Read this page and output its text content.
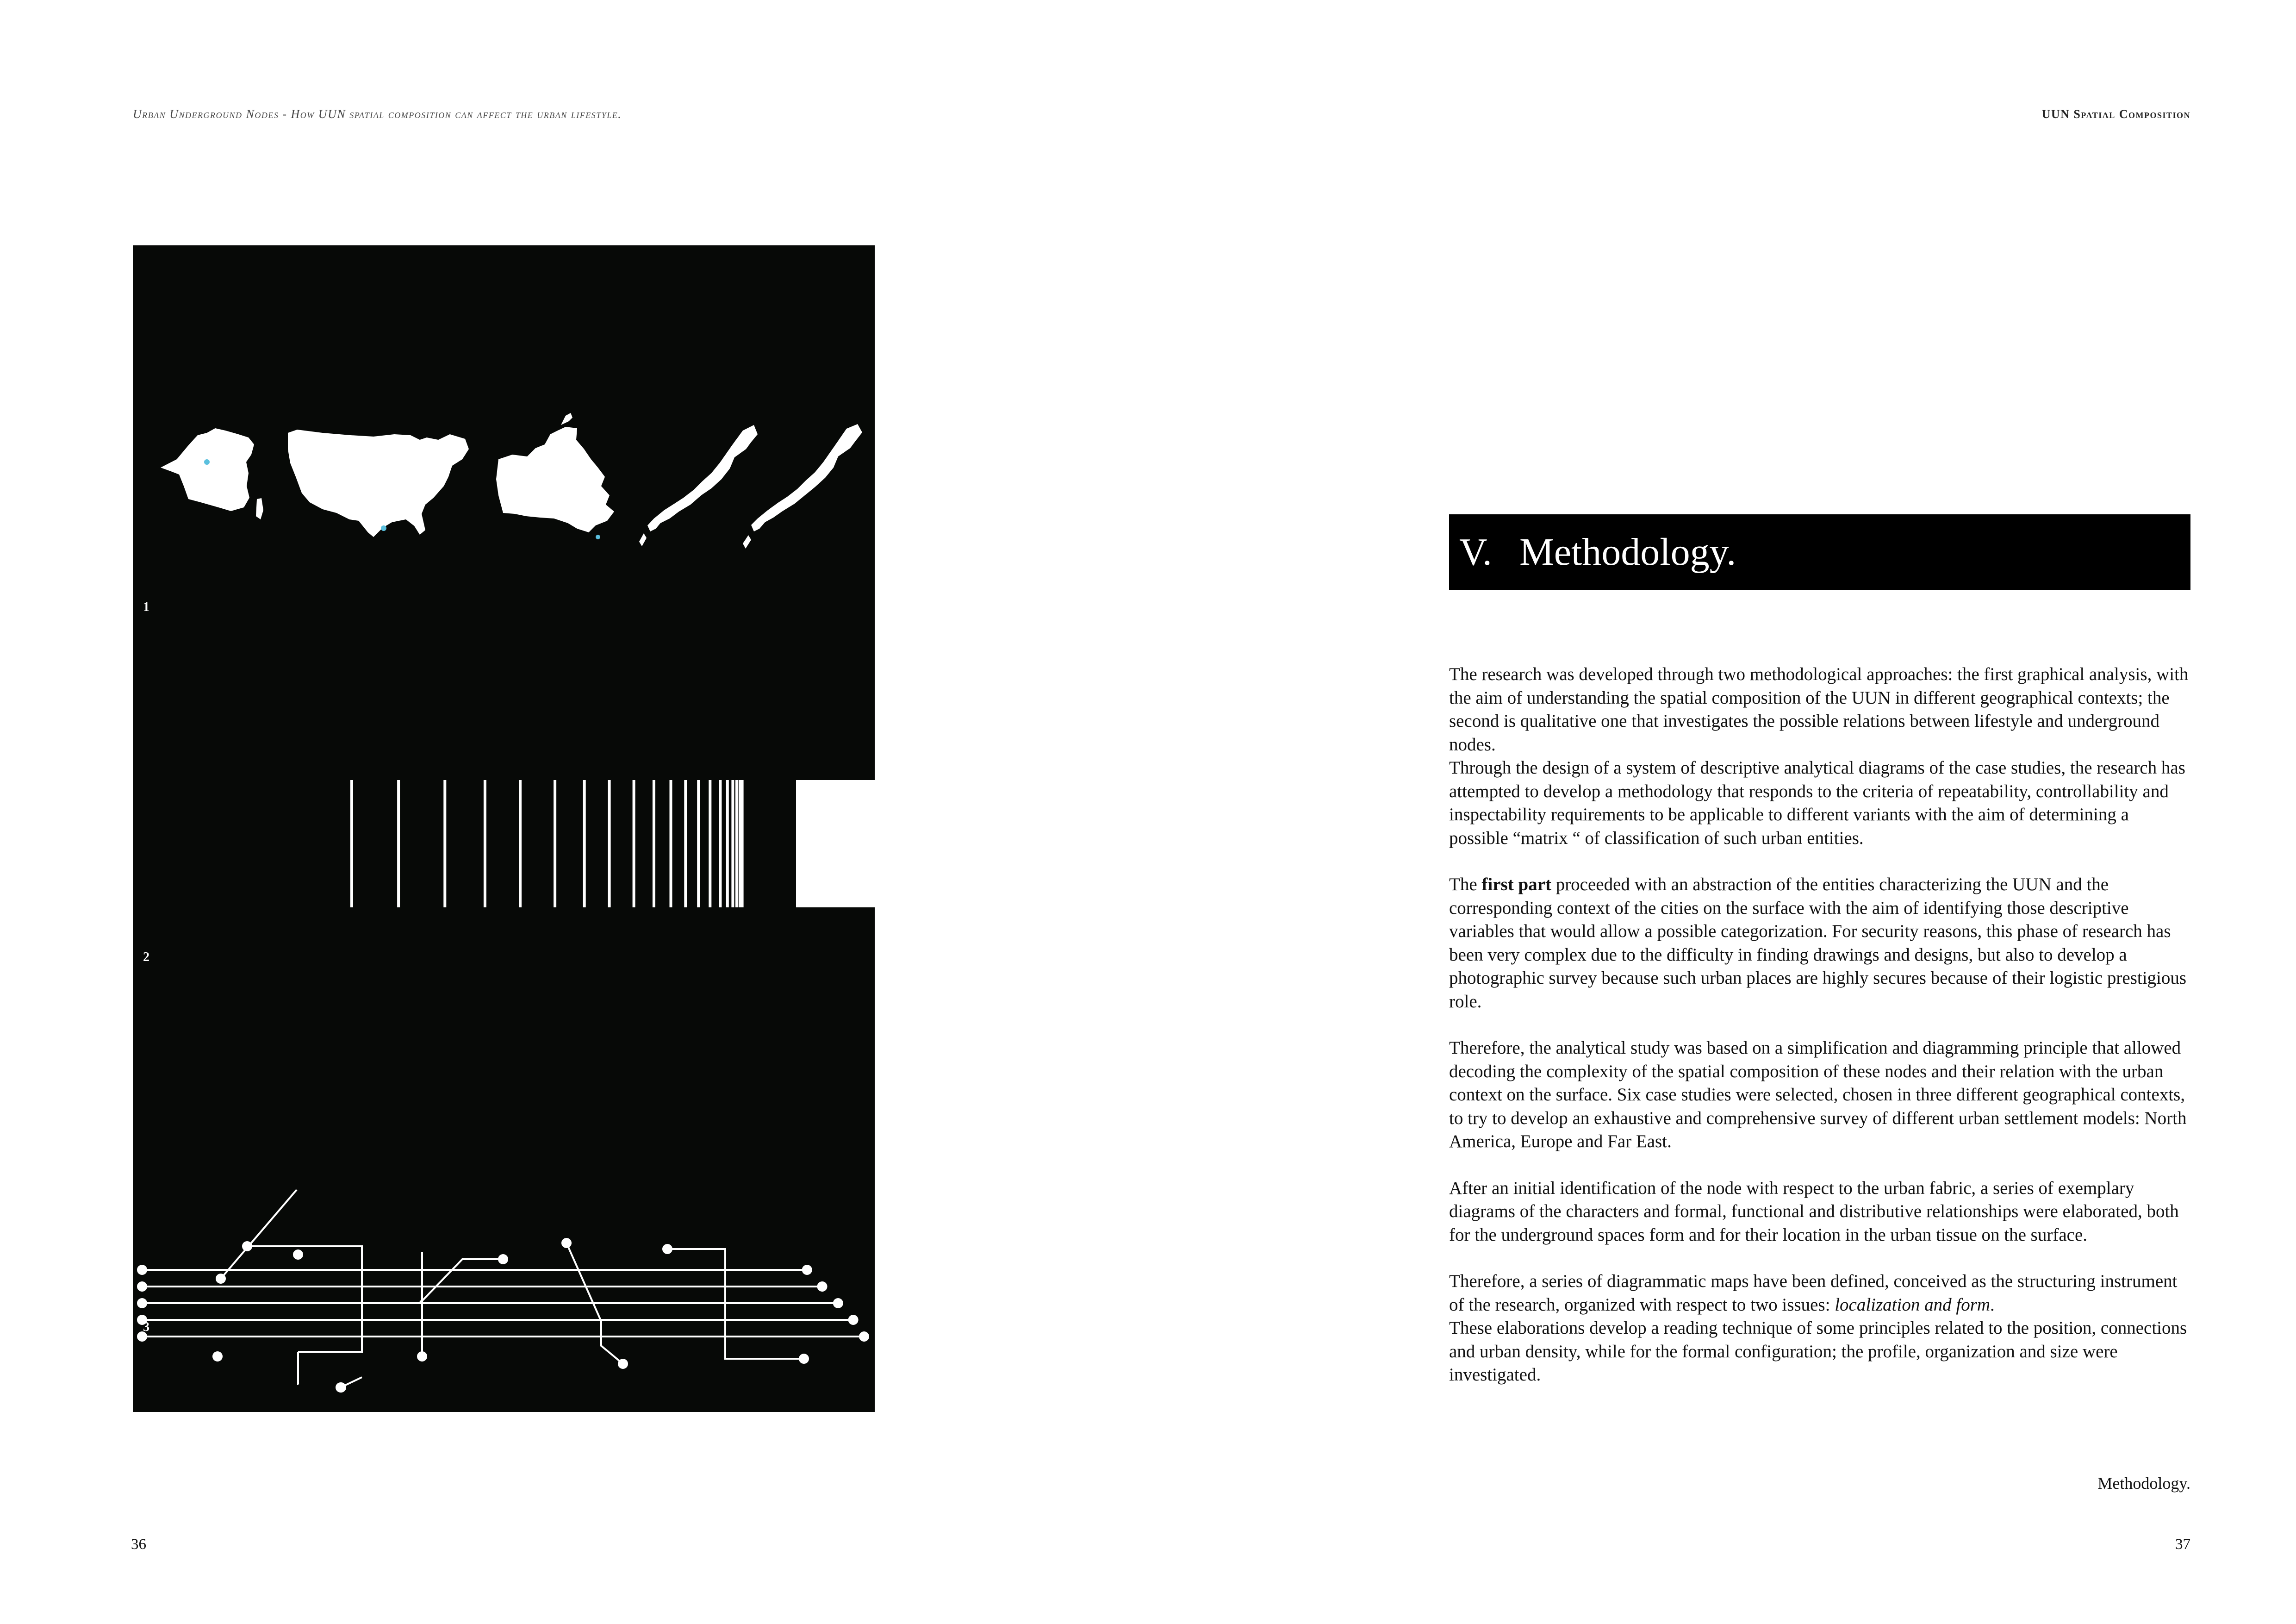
Urban Underground Nodes - How UUN spatial composition can affect the urban lifestyle.	UUN Spatial Composition
1
2
3
V. Methodology.

The research was developed through two methodological approaches: the first graphical analysis, with the aim of understanding the spatial composition of the UUN in different geographical contexts; the second is qualitative one that investigates the possible relations between lifestyle and underground nodes.

Through the design of a system of descriptive analytical diagrams of the case studies, the research has attempted to develop a methodology that responds to the criteria of repeatability, controllability and inspectability requirements to be applicable to different variants with the aim of determining a possible “matrix “ of classification of such urban entities.

The first part proceeded with an abstraction of the entities characterizing the UUN and the corresponding context of the cities on the surface with the aim of identifying those descriptive variables that would allow a possible categorization. For security reasons, this phase of research has been very complex due to the difficulty in finding drawings and designs, but also to develop a photographic survey because such urban places are highly secures because of their logistic prestigious role.

Therefore, the analytical study was based on a simplification and diagramming principle that allowed decoding the complexity of the spatial composition of these nodes and their relation with the urban context on the surface. Six case studies were selected, chosen in three different geographical contexts, to try to develop an exhaustive and comprehensive survey of different urban settlement models: North America, Europe and Far East.

After an initial identification of the node with respect to the urban fabric, a series of exemplary diagrams of the characters and formal, functional and distributive relationships were elaborated, both for the underground spaces form and for their location in the urban tissue on the surface.

Therefore, a series of diagrammatic maps have been defined, conceived as the structuring instrument of the research, organized with respect to two issues: localization and form.

These elaborations develop a reading technique of some principles related to the position, connections and urban density, while for the formal configuration; the profile, organization and size were investigated.

Methodology.
36	37
